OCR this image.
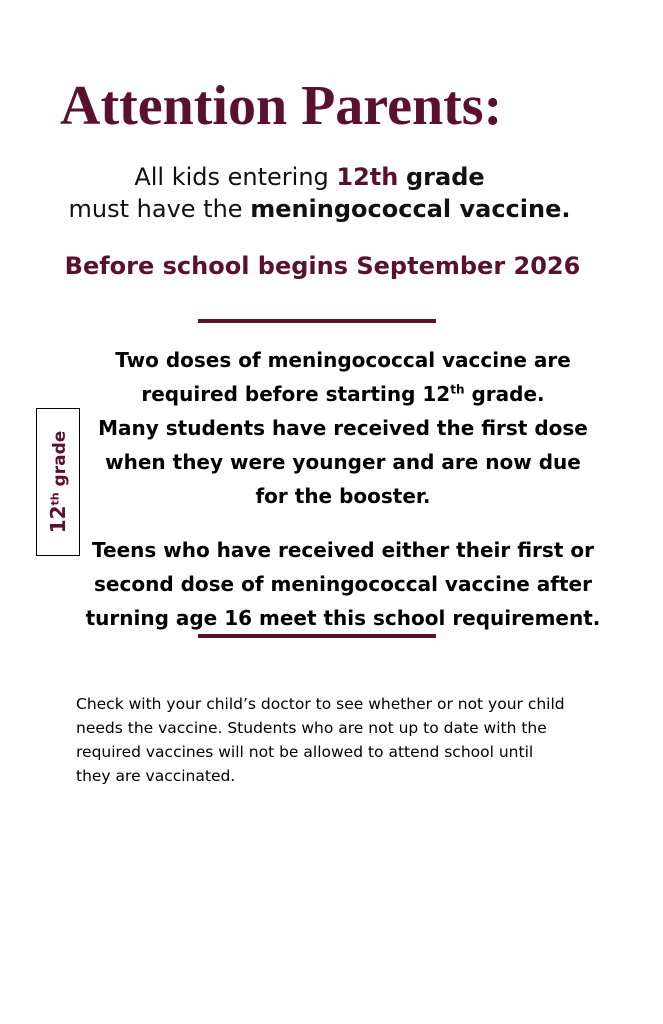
Attention Parents:
All kids entering 12th grade
must have the meningococcal vaccine.
Before school begins September 2026
Two doses of meningococcal vaccine are
required before starting 12th grade.
Many students have received the first dose
when they were younger and are now due
for the booster.
12th grade
Teens who have received either their first or
second dose of meningococcal vaccine after
turning age 16 meet this school requirement.
Check with your child’s doctor to see whether or not your child
needs the vaccine. Students who are not up to date with the
required vaccines will not be allowed to attend school until
they are vaccinated.
